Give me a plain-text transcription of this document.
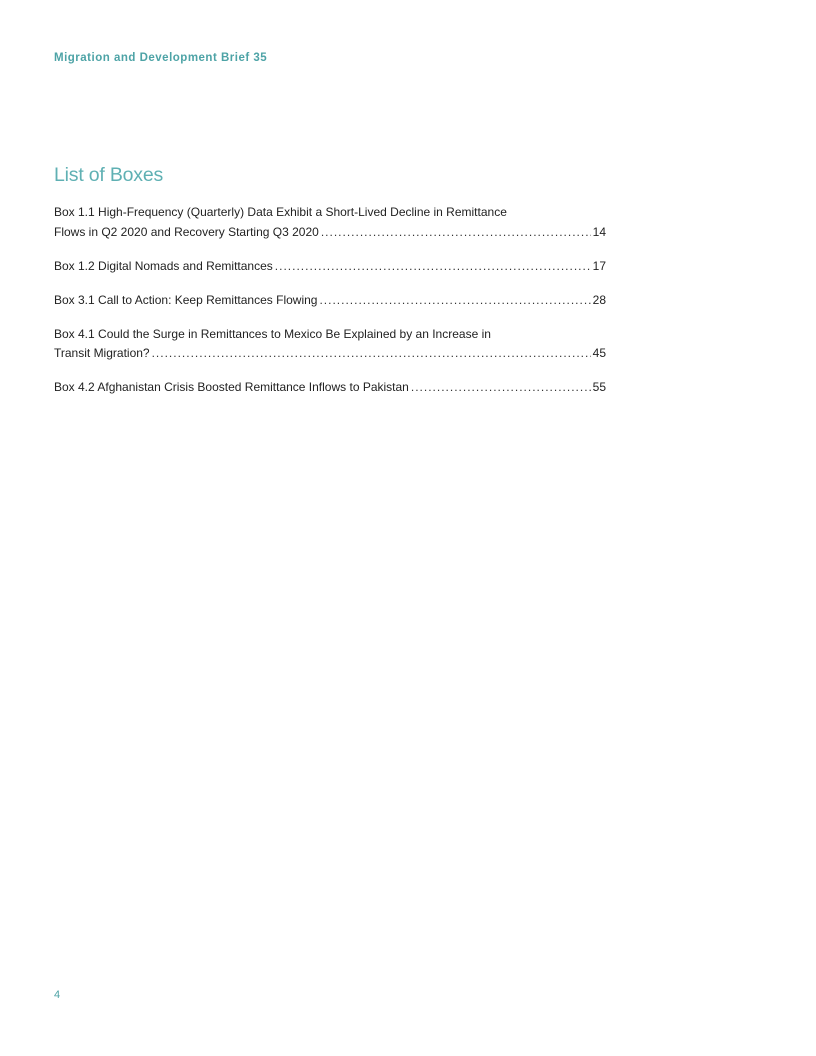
Migration and Development Brief 35
List of Boxes
Box 1.1 High-Frequency (Quarterly) Data Exhibit a Short-Lived Decline in Remittance
Flows in Q2 2020 and Recovery Starting Q3 2020 .....	14
Box 1.2 Digital Nomads and Remittances .....	17
Box 3.1 Call to Action: Keep Remittances Flowing .....	28
Box 4.1 Could the Surge in Remittances to Mexico Be Explained by an Increase in
Transit Migration? .....	45
Box 4.2 Afghanistan Crisis Boosted Remittance Inflows to Pakistan .....	55
4
